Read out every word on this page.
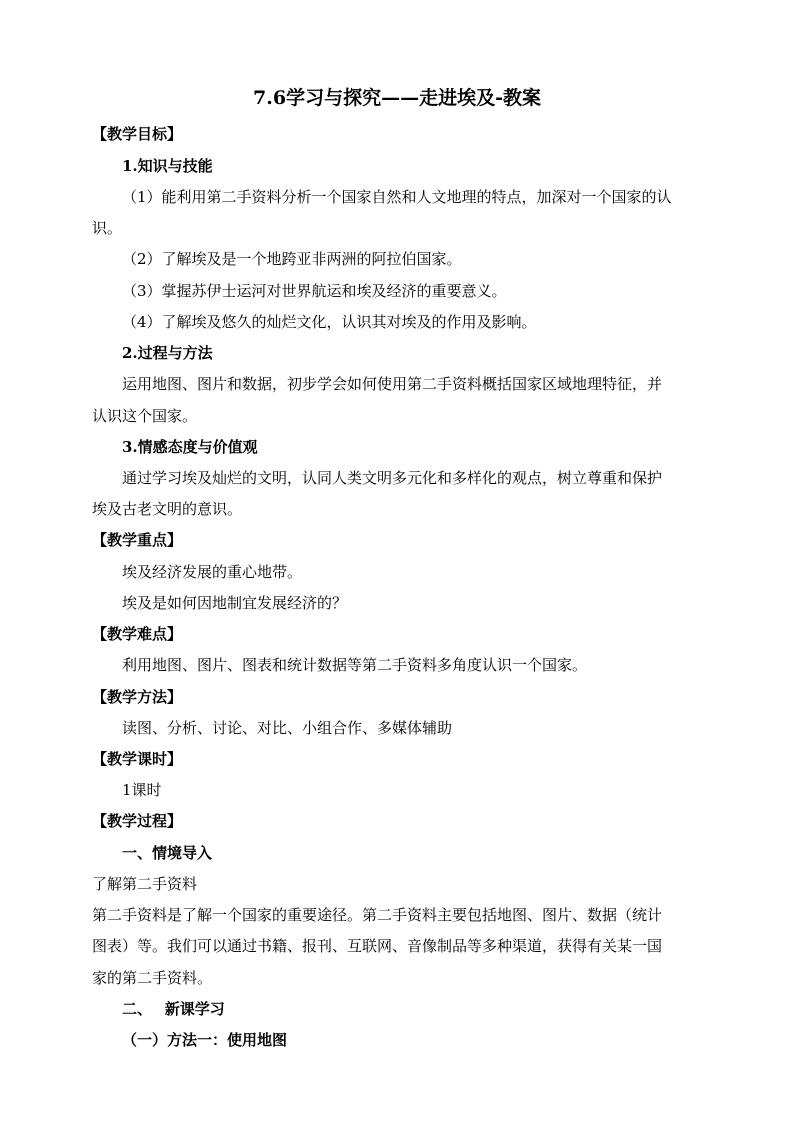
7.6学习与探究——走进埃及-教案
【教学目标】
1.知识与技能
（1）能利用第二手资料分析一个国家自然和人文地理的特点，加深对一个国家的认
识。
（2）了解埃及是一个地跨亚非两洲的阿拉伯国家。
（3）掌握苏伊士运河对世界航运和埃及经济的重要意义。
（4）了解埃及悠久的灿烂文化，认识其对埃及的作用及影响。
2.过程与方法
运用地图、图片和数据，初步学会如何使用第二手资料概括国家区域地理特征，并
认识这个国家。
3.情感态度与价值观
通过学习埃及灿烂的文明，认同人类文明多元化和多样化的观点，树立尊重和保护
埃及古老文明的意识。
【教学重点】
埃及经济发展的重心地带。
埃及是如何因地制宜发展经济的？
【教学难点】
利用地图、图片、图表和统计数据等第二手资料多角度认识一个国家。
【教学方法】
读图、分析、讨论、对比、小组合作、多媒体辅助
【教学课时】
1课时
【教学过程】
一、情境导入
了解第二手资料
第二手资料是了解一个国家的重要途径。第二手资料主要包括地图、图片、数据（统计
图表）等。我们可以通过书籍、报刊、互联网、音像制品等多种渠道，获得有关某一国
家的第二手资料。
二、　 新课学习
（一）方法一：使用地图
